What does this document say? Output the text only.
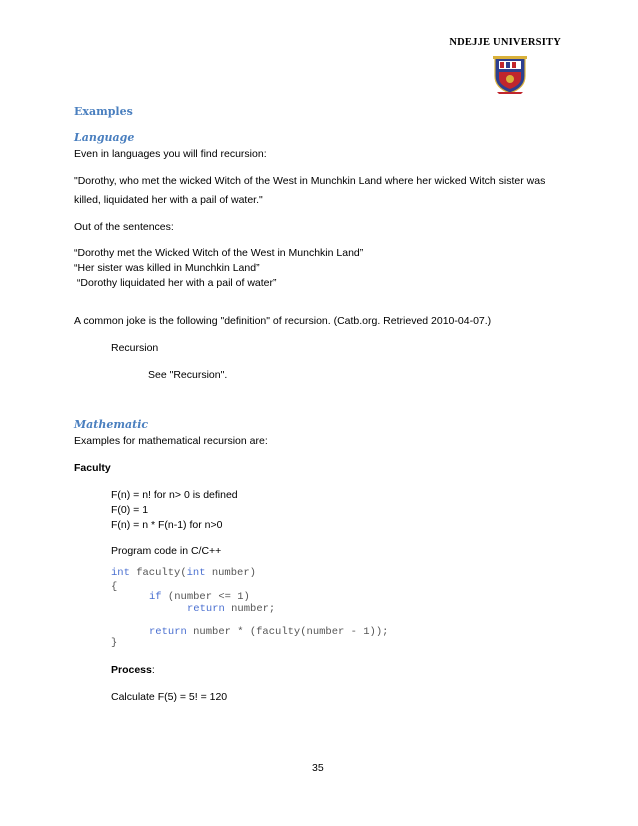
NDEJJE UNIVERSITY
Examples
Language
Even in languages you will find recursion:
"Dorothy, who met the wicked Witch of the West in Munchkin Land where her wicked Witch sister was
killed, liquidated her with a pail of water."
Out of the sentences:
“Dorothy met the Wicked Witch of the West in Munchkin Land”
“Her sister was killed in Munchkin Land”
“Dorothy liquidated her with a pail of water”
A common joke is the following "definition" of recursion. (Catb.org. Retrieved 2010-04-07.)
Recursion
See "Recursion".
Mathematic
Examples for mathematical recursion are:
Faculty
F(n) = n! for n> 0 is defined
F(0) = 1
F(n) = n * F(n-1) for n>0
Program code in C/C++
int faculty(int number)
{
if (number <= 1)
return number;
return number * (faculty(number - 1));
}
Process:
Calculate F(5) = 5! = 120
35
